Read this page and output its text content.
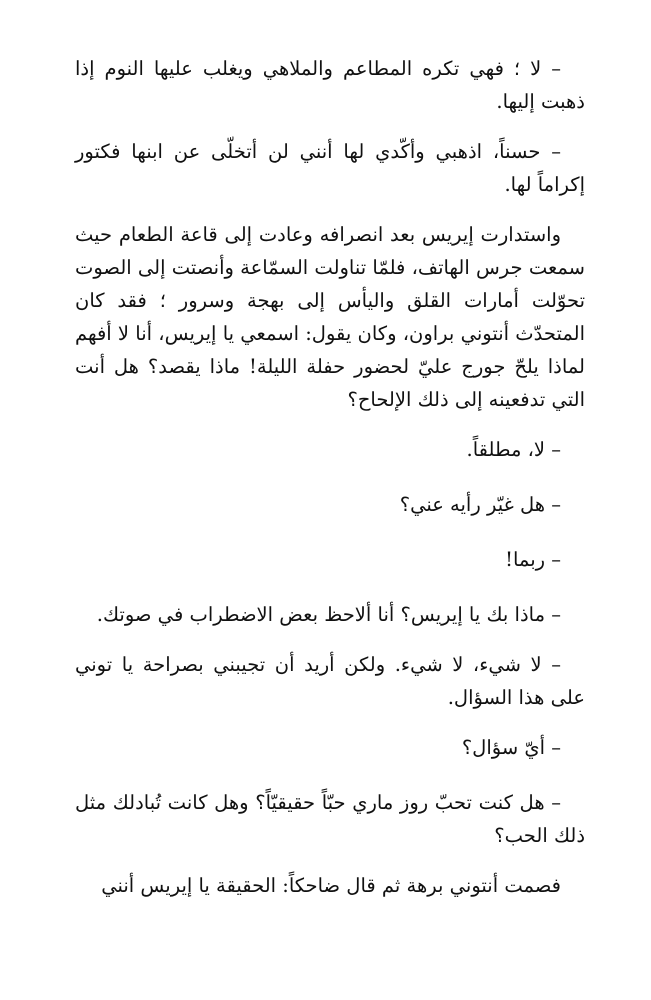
– لا ؛ فهي تكره المطاعم والملاهي ويغلب عليها النوم إذا ذهبت إليها.

– حسناً، اذهبي وأكّدي لها أنني لن أتخلّى عن ابنها فكتور إكراماً لها.

واستدارت إيريس بعد انصرافه وعادت إلى قاعة الطعام حيث سمعت جرس الهاتف، فلمّا تناولت السمّاعة وأنصتت إلى الصوت تحوّلت أمارات القلق واليأس إلى بهجة وسرور ؛ فقد كان المتحدّث أنتوني براون، وكان يقول: اسمعي يا إيريس، أنا لا أفهم لماذا يلحّ جورج عليّ لحضور حفلة الليلة! ماذا يقصد؟ هل أنت التي تدفعينه إلى ذلك الإلحاح؟

– لا، مطلقاً.

– هل غيّر رأيه عني؟

– ربما!

– ماذا بك يا إيريس؟ أنا ألاحظ بعض الاضطراب في صوتك.

– لا شيء، لا شيء. ولكن أريد أن تجيبني بصراحة يا توني على هذا السؤال.

– أيّ سؤال؟

– هل كنت تحبّ روز ماري حبّاً حقيقيّاً؟ وهل كانت تُبادلك مثل ذلك الحب؟

فصمت أنتوني برهة ثم قال ضاحكاً: الحقيقة يا إيريس أنني
